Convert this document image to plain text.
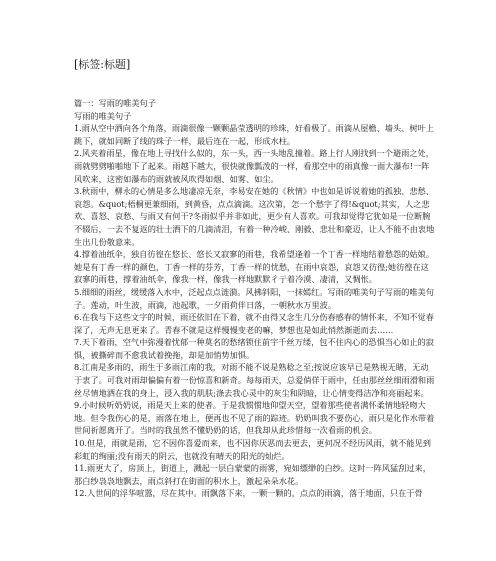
[标签:标题]

篇一：写雨的唯美句子

写雨的唯美句子

1.雨从空中洒向各个角落，雨滴很像一颗颗晶莹透明的珍珠，好看极了。雨滴从屋檐、墙头、树叶上跳下，就如同断了线的珠子一样，最后连在一起，形成水柱。

2.风夹着雨星，像在地上寻找什么似的，东一头，西一头地乱撞着。路上行人刚找到一个避雨之处，雨就劈劈啪啪地下了起来。雨越下越大，很快就像瓢泼的一样，看那空中的雨真像一面大瀑布!一阵风吹来，这密如瀑布的雨就被风吹得如烟、如雾、如尘。

3.秋雨中，柳永的心情是多么地凄凉无奈，李易安在她的《秋情》中也如是诉说着她的孤独、悲愁、哀怨。&quot;梧桐更兼细雨，到黄昏，点点滴滴。这次第，怎一个愁字了得!&quot;其实，人之悲欢、喜怒、哀愁、与雨又有何干?冬雨似乎并非如此，更少有人喜欢。可我却觉得它犹如是一位断腕不辍后，一去不复返的壮士洒下的几滴清泪，有着一种冷峻、刚毅、悲壮和豪迈，让人不能不由衷地生出几份敬意来。

4.撑着油纸伞，独自彷徨在悠长、悠长又寂寥的雨巷，我希望逢着一个丁香一样地结着愁怨的姑娘。她是有丁香一样的颜色，丁香一样的芬芳，丁香一样的忧愁，在雨中哀怨，哀怨又彷徨;她彷徨在这寂寥的雨巷，撑着油纸伞，像我一样，像我一样地默默彳亍着冷漠、凄清，又惆怅。

5.细细的雨丝，缓缓落入水中，泛起点点涟漪。风拂斜阳，一抹嫣红。写雨的唯美句子写雨的唯美句子。莲动，叶生波，雨滴，池起歌，一夕雨荷伴日落，一朝秋水万里波。

6.在我与下这些文字的时候，雨还依旧在下着，就不由得又念生几分伤春感春的情怀来，不知不觉春深了，无声无息更来了。青春不就是这样慢慢变老的嘛，梦想也是如此悄然渐逝而去……

7.天下着雨，空气中弥漫着忧郁一种莫名的愁绪锁住前宇千丝万缕，包不住内心的恐惧当心如止的寂惧，被撕碎而不愈我试着挽拖，却是加悄势加惧。

8.江南是多雨的，雨生于多雨江南的我，对雨不能不说是熟稔之至;按说应该早已是熟视无睹，无动于衷了。可我对雨却偏偏有着一份惊喜和新奇。每每雨天，总爱倘佯于雨中，任由那丝丝细雨滑和雨丝尽情地洒在我的身上，浸入我的肌肤;涤去我心灵中的灰尘和阴暗，让心情变得洁净和亮丽起来。

9.小时候听奶奶说，雨是天上来的使者。于是我惯惯地仰望天空，望着那些使者满怀柔情地轻吻大地。但令我伤心的是，雨落在地上，便再也不见了雨的踪迹。奶奶叫我不要伤心，雨只是化作水带着世间祈愿离开了。当时的我虽然不懂奶奶的话，但我却从此珍惜每一次看雨的机会。

10.但是，雨就是雨，它不因你喜爱而来，也不因你厌恶而去更去，更何况不经历风雨，就不能见到彩虹的绚丽;没有雨天的阴云，也就没有晴天的阳光的灿烂。

11.雨更大了，房顶上，街道上，溅起一层白蒙蒙的雨雾，宛如缥缈的白纱。这时一阵风猛刮过来，那白纱袅袅地飘去，雨点斜打在街面的积水上，激起朵朵水花。

12.人世间的浮华喧嚣，尽在其中。雨飘落下来，一颗一颗的，点点的雨滴，落于地面，只在于骨
